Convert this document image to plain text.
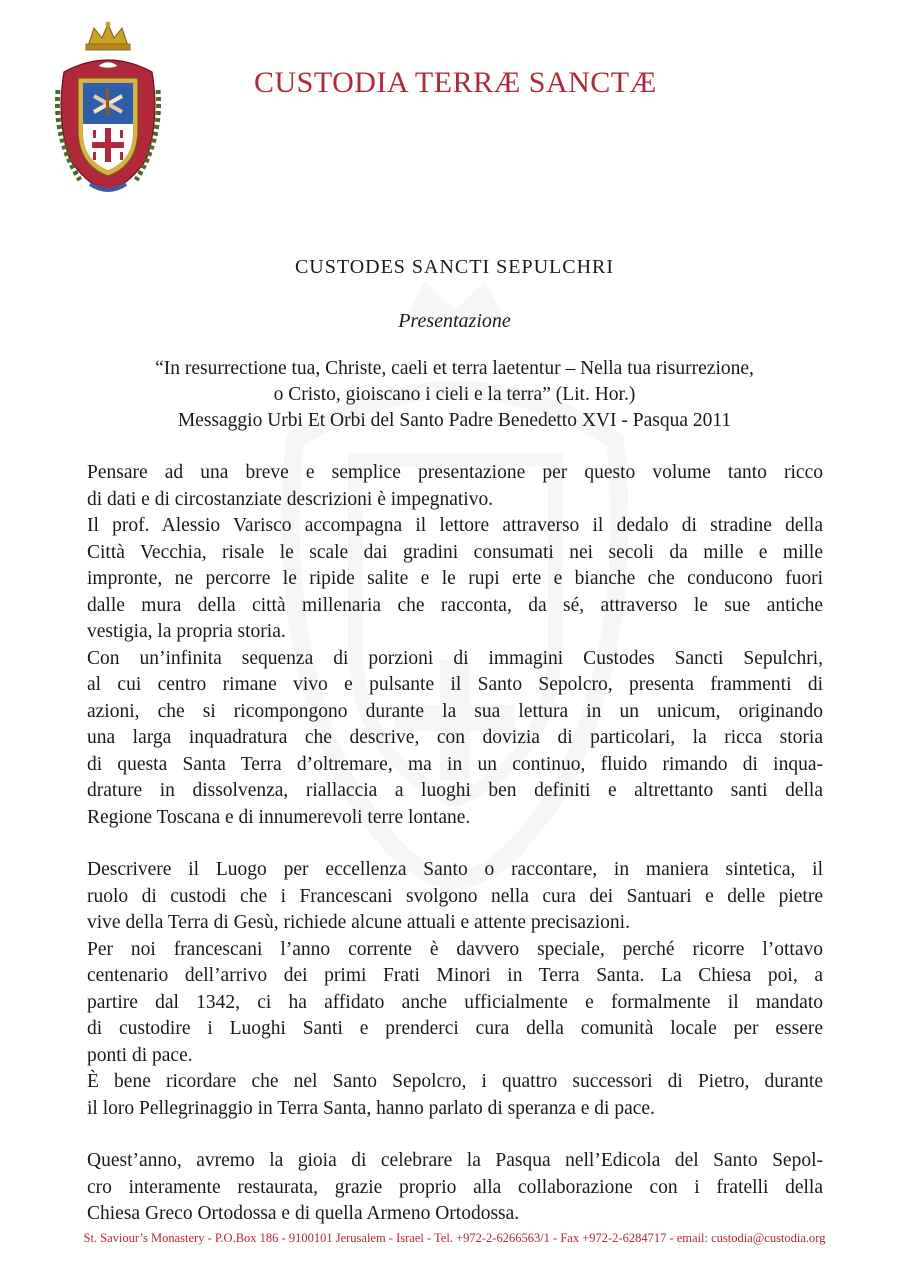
CUSTODIA TERRÆ SANCTÆ
CUSTODES SANCTI SEPULCHRI
Presentazione
“In resurrectione tua, Christe, caeli et terra laetentur – Nella tua risurrezione,
o Cristo, gioiscano i cieli e la terra” (Lit. Hor.)
Messaggio Urbi Et Orbi del Santo Padre Benedetto XVI - Pasqua 2011
Pensare ad una breve e semplice presentazione per questo volume tanto ricco
di dati e di circostanziate descrizioni è impegnativo.
Il prof. Alessio Varisco accompagna il lettore attraverso il dedalo di stradine della
Città Vecchia, risale le scale dai gradini consumati nei secoli da mille e mille
impronte, ne percorre le ripide salite e le rupi erte e bianche che conducono fuori
dalle mura della città millenaria che racconta, da sé, attraverso le sue antiche
vestigia, la propria storia.
Con un’infinita sequenza di porzioni di immagini Custodes Sancti Sepulchri,
al cui centro rimane vivo e pulsante il Santo Sepolcro, presenta frammenti di
azioni, che si ricompongono durante la sua lettura in un unicum, originando
una larga inquadratura che descrive, con dovizia di particolari, la ricca storia
di questa Santa Terra d’oltremare, ma in un continuo, fluido rimando di inqua-
drature in dissolvenza, riallaccia a luoghi ben definiti e altrettanto santi della
Regione Toscana e di innumerevoli terre lontane.
Descrivere il Luogo per eccellenza Santo o raccontare, in maniera sintetica, il
ruolo di custodi che i Francescani svolgono nella cura dei Santuari e delle pietre
vive della Terra di Gesù, richiede alcune attuali e attente precisazioni.
Per noi francescani l’anno corrente è davvero speciale, perché ricorre l’ottavo
centenario dell’arrivo dei primi Frati Minori in Terra Santa. La Chiesa poi, a
partire dal 1342, ci ha affidato anche ufficialmente e formalmente il mandato
di custodire i Luoghi Santi e prenderci cura della comunità locale per essere
ponti di pace.
È bene ricordare che nel Santo Sepolcro, i quattro successori di Pietro, durante
il loro Pellegrinaggio in Terra Santa, hanno parlato di speranza e di pace.
Quest’anno, avremo la gioia di celebrare la Pasqua nell’Edicola del Santo Sepol-
cro interamente restaurata, grazie proprio alla collaborazione con i fratelli della
Chiesa Greco Ortodossa e di quella Armeno Ortodossa.
St. Saviour’s Monastery - P.O.Box 186 - 9100101 Jerusalem - Israel - Tel. +972-2-6266563/1 - Fax +972-2-6284717 - email: custodia@custodia.org
